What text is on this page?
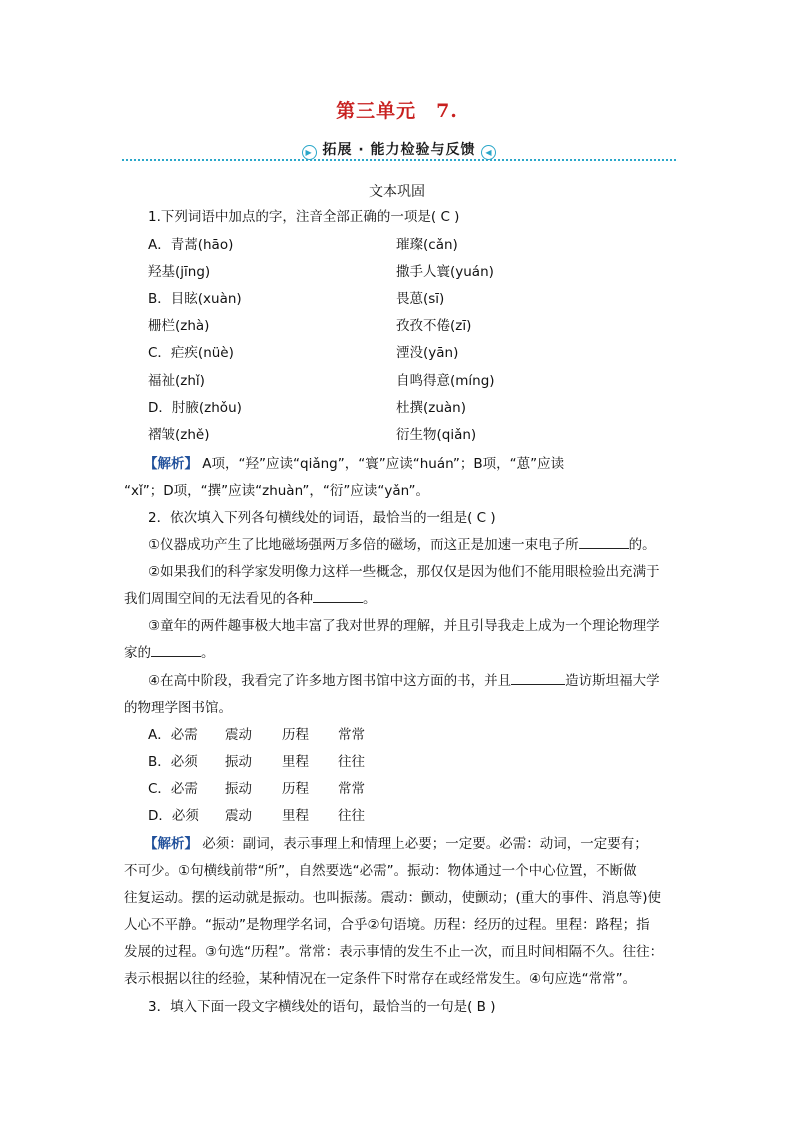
第三单元　7.
▶ 拓展 · 能力检验与反馈 ◀
文本巩固
1.下列词语中加点的字，注音全部正确的一项是( C )
A．青蒿(hāo)	璀璨(cǎn)
羟基(jīng)	撒手人寰(yuán)
B．目眩(xuàn)	畏葸(sī)
栅栏(zhà)	孜孜不倦(zī)
C．疟疾(nüè)	湮没(yān)
福祉(zhǐ)	自鸣得意(míng)
D．肘腋(zhǒu)	杜撰(zuàn)
褶皱(zhě)	衍生物(qiǎn)
【解析】 A项，“羟”应读“qiǎng”，“寰”应读“huán”；B项，“葸”应读
“xǐ”；D项，“撰”应读“zhuàn”，“衍”应读“yǎn”。
2．依次填入下列各句横线处的词语，最恰当的一组是( C )
①仪器成功产生了比地磁场强两万多倍的磁场，而这正是加速一束电子所	的。
②如果我们的科学家发明像力这样一些概念，那仅仅是因为他们不能用眼检验出充满于
我们周围空间的无法看见的各种	。
③童年的两件趣事极大地丰富了我对世界的理解，并且引导我走上成为一个理论物理学
家的	。
④在高中阶段，我看完了许多地方图书馆中这方面的书，并且	造访斯坦福大学
的物理学图书馆。
A．必需 震动 历程 常常
B．必须 振动 里程 往往
C．必需 振动 历程 常常
D．必须 震动 里程 往往
【解析】 必须：副词，表示事理上和情理上必要；一定要。必需：动词，一定要有；
不可少。①句横线前带“所”，自然要选“必需”。振动：物体通过一个中心位置，不断做
往复运动。摆的运动就是振动。也叫振荡。震动：颤动，使颤动；(重大的事件、消息等)使
人心不平静。“振动”是物理学名词，合乎②句语境。历程：经历的过程。里程：路程；指
发展的过程。③句选“历程”。常常：表示事情的发生不止一次，而且时间相隔不久。往往：
表示根据以往的经验，某种情况在一定条件下时常存在或经常发生。④句应选“常常”。
3．填入下面一段文字横线处的语句，最恰当的一句是( B )
